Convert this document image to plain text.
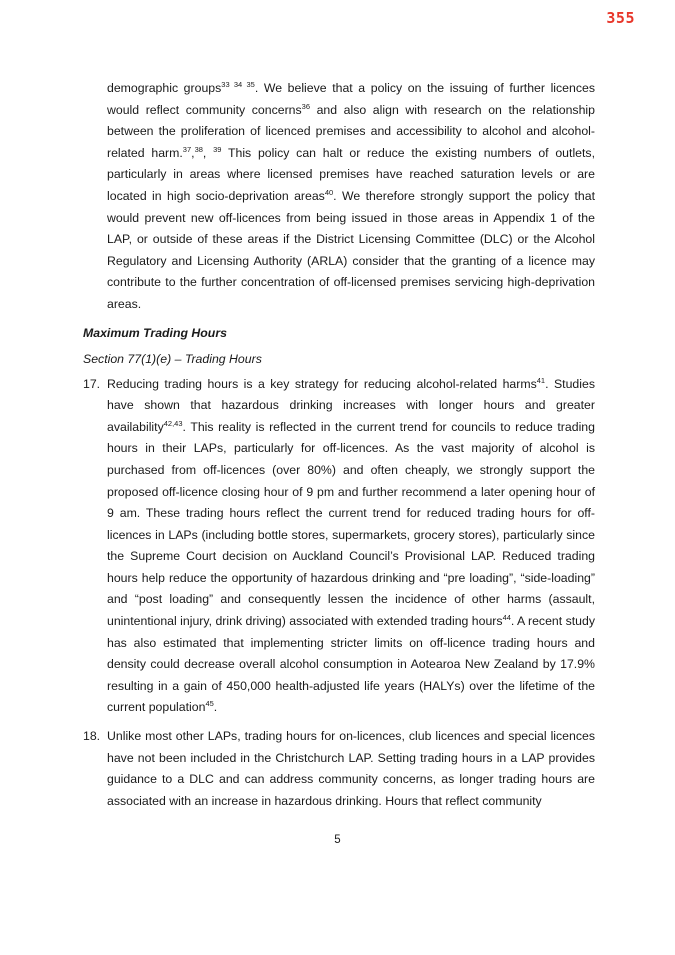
355

demographic groups$^{33 34 35}$. We believe that a policy on the issuing of further licences would reflect community concerns$^{36}$ and also align with research on the relationship between the proliferation of licenced premises and accessibility to alcohol and alcohol-related harm.$^{37}$,$^{38}$, $^{39}$ This policy can halt or reduce the existing numbers of outlets, particularly in areas where licensed premises have reached saturation levels or are located in high socio-deprivation areas$^{40}$. We therefore strongly support the policy that would prevent new off-licences from being issued in those areas in Appendix 1 of the LAP, or outside of these areas if the District Licensing Committee (DLC) or the Alcohol Regulatory and Licensing Authority (ARLA) consider that the granting of a licence may contribute to the further concentration of off-licensed premises servicing high-deprivation areas.

Maximum Trading Hours

Section 77(1)(e) – Trading Hours

17. Reducing trading hours is a key strategy for reducing alcohol-related harms$^{41}$. Studies have shown that hazardous drinking increases with longer hours and greater availability$^{42,43}$. This reality is reflected in the current trend for councils to reduce trading hours in their LAPs, particularly for off-licences. As the vast majority of alcohol is purchased from off-licences (over 80%) and often cheaply, we strongly support the proposed off-licence closing hour of 9 pm and further recommend a later opening hour of 9 am. These trading hours reflect the current trend for reduced trading hours for off-licences in LAPs (including bottle stores, supermarkets, grocery stores), particularly since the Supreme Court decision on Auckland Council’s Provisional LAP. Reduced trading hours help reduce the opportunity of hazardous drinking and “pre loading”, “side-loading” and “post loading” and consequently lessen the incidence of other harms (assault, unintentional injury, drink driving) associated with extended trading hours$^{44}$. A recent study has also estimated that implementing stricter limits on off-licence trading hours and density could decrease overall alcohol consumption in Aotearoa New Zealand by 17.9% resulting in a gain of 450,000 health-adjusted life years (HALYs) over the lifetime of the current population$^{45}$.

18. Unlike most other LAPs, trading hours for on-licences, club licences and special licences have not been included in the Christchurch LAP. Setting trading hours in a LAP provides guidance to a DLC and can address community concerns, as longer trading hours are associated with an increase in hazardous drinking. Hours that reflect community

5
